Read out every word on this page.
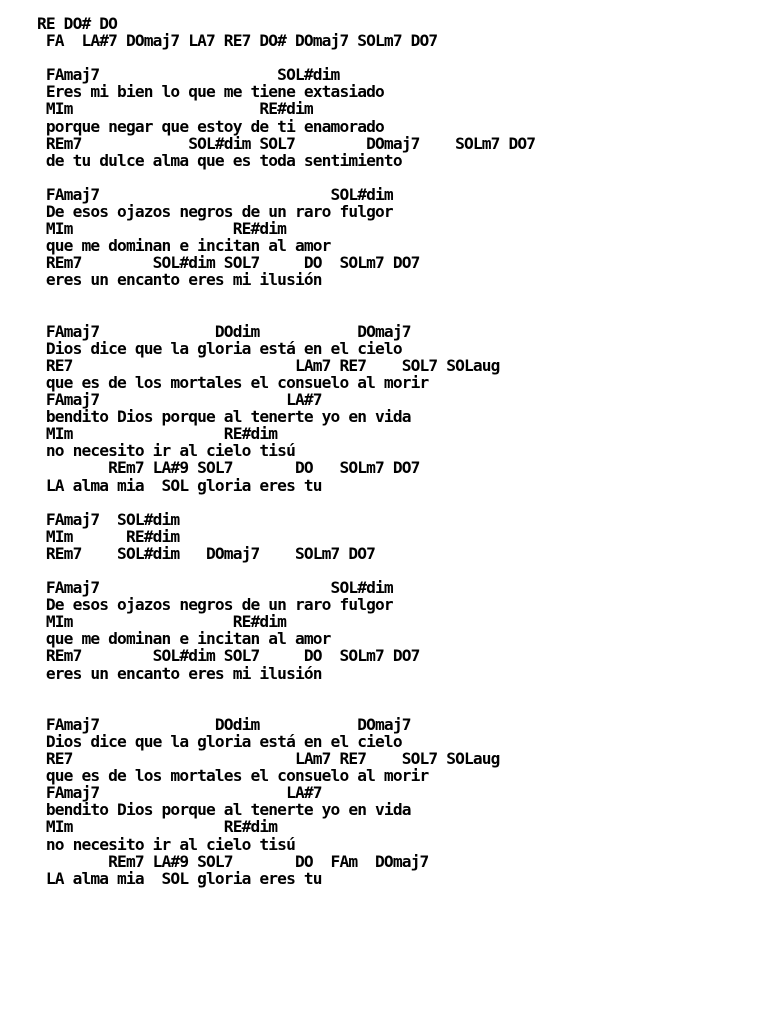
RE DO# DO
FA  LA#7 DOmaj7 LA7 RE7 DO# DOmaj7 SOLm7 DO7
FAmaj7                    SOL#dim
Eres mi bien lo que me tiene extasiado
MIm                     RE#dim
porque negar que estoy de ti enamorado
REm7            SOL#dim SOL7        DOmaj7    SOLm7 DO7
de tu dulce alma que es toda sentimiento
FAmaj7                          SOL#dim
De esos ojazos negros de un raro fulgor
MIm                  RE#dim
que me dominan e incitan al amor
REm7        SOL#dim SOL7     DO  SOLm7 DO7
eres un encanto eres mi ilusión
FAmaj7             DOdim           DOmaj7
Dios dice que la gloria está en el cielo
RE7                         LAm7 RE7    SOL7 SOLaug
que es de los mortales el consuelo al morir
FAmaj7                     LA#7
bendito Dios porque al tenerte yo en vida
MIm                 RE#dim
no necesito ir al cielo tisú
REm7 LA#9 SOL7       DO   SOLm7 DO7
LA alma mia  SOL gloria eres tu
FAmaj7  SOL#dim
MIm      RE#dim
REm7    SOL#dim   DOmaj7    SOLm7 DO7
FAmaj7                          SOL#dim
De esos ojazos negros de un raro fulgor
MIm                  RE#dim
que me dominan e incitan al amor
REm7        SOL#dim SOL7     DO  SOLm7 DO7
eres un encanto eres mi ilusión
FAmaj7             DOdim           DOmaj7
Dios dice que la gloria está en el cielo
RE7                         LAm7 RE7    SOL7 SOLaug
que es de los mortales el consuelo al morir
FAmaj7                     LA#7
bendito Dios porque al tenerte yo en vida
MIm                 RE#dim
no necesito ir al cielo tisú
REm7 LA#9 SOL7       DO  FAm  DOmaj7
LA alma mia  SOL gloria eres tu
